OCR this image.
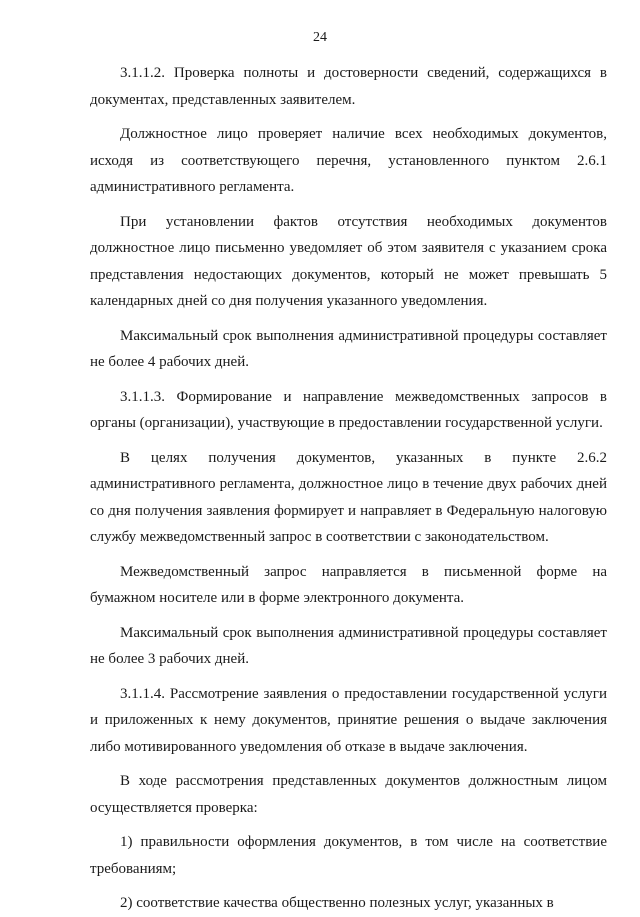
24

3.1.1.2. Проверка полноты и достоверности сведений, содержащихся в документах, представленных заявителем.

Должностное лицо проверяет наличие всех необходимых документов, исходя из соответствующего перечня, установленного пунктом 2.6.1 административного регламента.

При установлении фактов отсутствия необходимых документов должностное лицо письменно уведомляет об этом заявителя с указанием срока представления недостающих документов, который не может превышать 5 календарных дней со дня получения указанного уведомления.

Максимальный срок выполнения административной процедуры составляет не более 4 рабочих дней.

3.1.1.3. Формирование и направление межведомственных запросов в органы (организации), участвующие в предоставлении государственной услуги.

В целях получения документов, указанных в пункте 2.6.2 административного регламента, должностное лицо в течение двух рабочих дней со дня получения заявления формирует и направляет в Федеральную налоговую службу межведомственный запрос в соответствии с законодательством.

Межведомственный запрос направляется в письменной форме на бумажном носителе или в форме электронного документа.

Максимальный срок выполнения административной процедуры составляет не более 3 рабочих дней.

3.1.1.4. Рассмотрение заявления о предоставлении государственной услуги и приложенных к нему документов, принятие решения о выдаче заключения либо мотивированного уведомления об отказе в выдаче заключения.

В ходе рассмотрения представленных документов должностным лицом осуществляется проверка:

1) правильности оформления документов, в том числе на соответствие требованиям;

2) соответствие качества общественно полезных услуг, указанных в
